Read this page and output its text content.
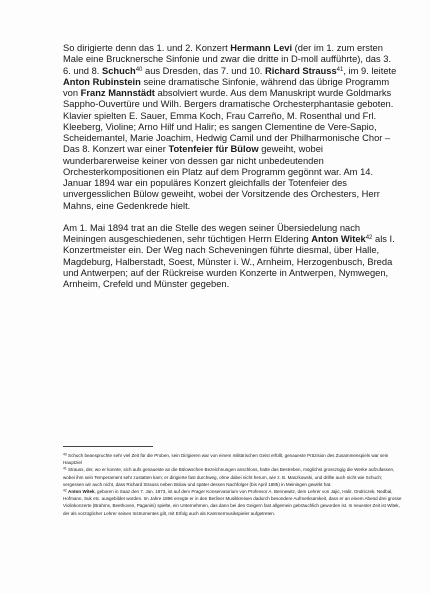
So dirigierte denn das 1. und 2. Konzert Hermann Levi (der im 1. zum ersten Male eine Brucknersche Sinfonie und zwar die dritte in D-moll aufführte), das 3. 6. und 8. Schuch$^{40}$ aus Dresden, das 7. und 10. Richard Strauss$^{41}$, im 9. leitete Anton Rubinstein seine dramatische Sinfonie, während das übrige Programm von Franz Mannstädt absolviert wurde. Aus dem Manuskript wurde Goldmarks Sappho-Ouvertüre und Wilh. Bergers dramatische Orchesterphantasie geboten. Klavier spielten E. Sauer, Emma Koch, Frau Carreño, M. Rosenthal und Frl. Kleeberg, Violine; Arno Hilf und Halir; es sangen Clementine de Vere-Sapio, Scheidemantel, Marie Joachim, Hedwig Camil und der Philharmonische Chor – Das 8. Konzert war einer Totenfeier für Bülow geweiht, wobei wunderbarerweise keiner von dessen gar nicht unbedeutenden Orchesterkompositionen ein Platz auf dem Programm gegönnt war. Am 14. Januar 1894 war ein populäres Konzert gleichfalls der Totenfeier des unvergesslichen Bülow geweiht, wobei der Vorsitzende des Orchesters, Herr Mahns, eine Gedenkrede hielt.

Am 1. Mai 1894 trat an die Stelle des wegen seiner Übersiedelung nach Meiningen ausgeschiedenen, sehr tüchtigen Herrn Eldering Anton Witek$^{42}$ als I. Konzertmeister ein. Der Weg nach Scheveningen führte diesmal, über Halle, Magdeburg, Halberstadt, Soest, Münster i. W., Arnheim, Herzogenbusch, Breda und Antwerpen; auf der Rückreise wurden Konzerte in Antwerpen, Nymwegen, Arnheim, Crefeld und Münster gegeben.

$^{40}$ Schuch beanspruchte sehr viel Zeit für die Proben, sein Dirigieren war von einem militärischen Geist erfüllt, genaueste Präzision des Zusammenspiels war sein Hauptziel

$^{41}$ Strauss, der, wo er konnte, sich aufs genaueste an die Bülowschen Bezeichnungen anschloss, hatte das Bestreben, möglichst grosszügig die Werke aufzufassen, wobei ihm sein Temperament sehr zustatten kam; er dirigierte fast durchweg, ohne dabei nicht herum, wie z. B. Maszkowski, und drillte auch nicht wie Schuch; vergessen wir auch nicht, dass Richard Strauss neben Bülow und später dessen Nachfolger (bis April 1885) in Meiningen gewirkt hat.

$^{42}$ Anton Witek, geboren in Saaz den 7. Jan. 1873, ist auf dem Prager Konservatorium von Professor A. Bennewitz, dem Lehrer von Jajic, Halir, Ondriczek, Nedbal, Hofmann, Suk etc. ausgebildet worden. Im Jahre 1896 erregte er in den Berliner Musikkreisen dadurch besondere Aufmerksamkeit, dass er an einem Abend drei grosse Violinkonzerte (Brahms, Beethoven, Paganini) spielte, ein Unternehmen, das dann bei den Geigern fast allgemein gebräuchlich geworden ist. In neuester Zeit ist Witek, der als vorzüglicher Lehrer seines Instrumentes gilt, mit Erfolg auch als Kammermusikspieler aufgetreten.
